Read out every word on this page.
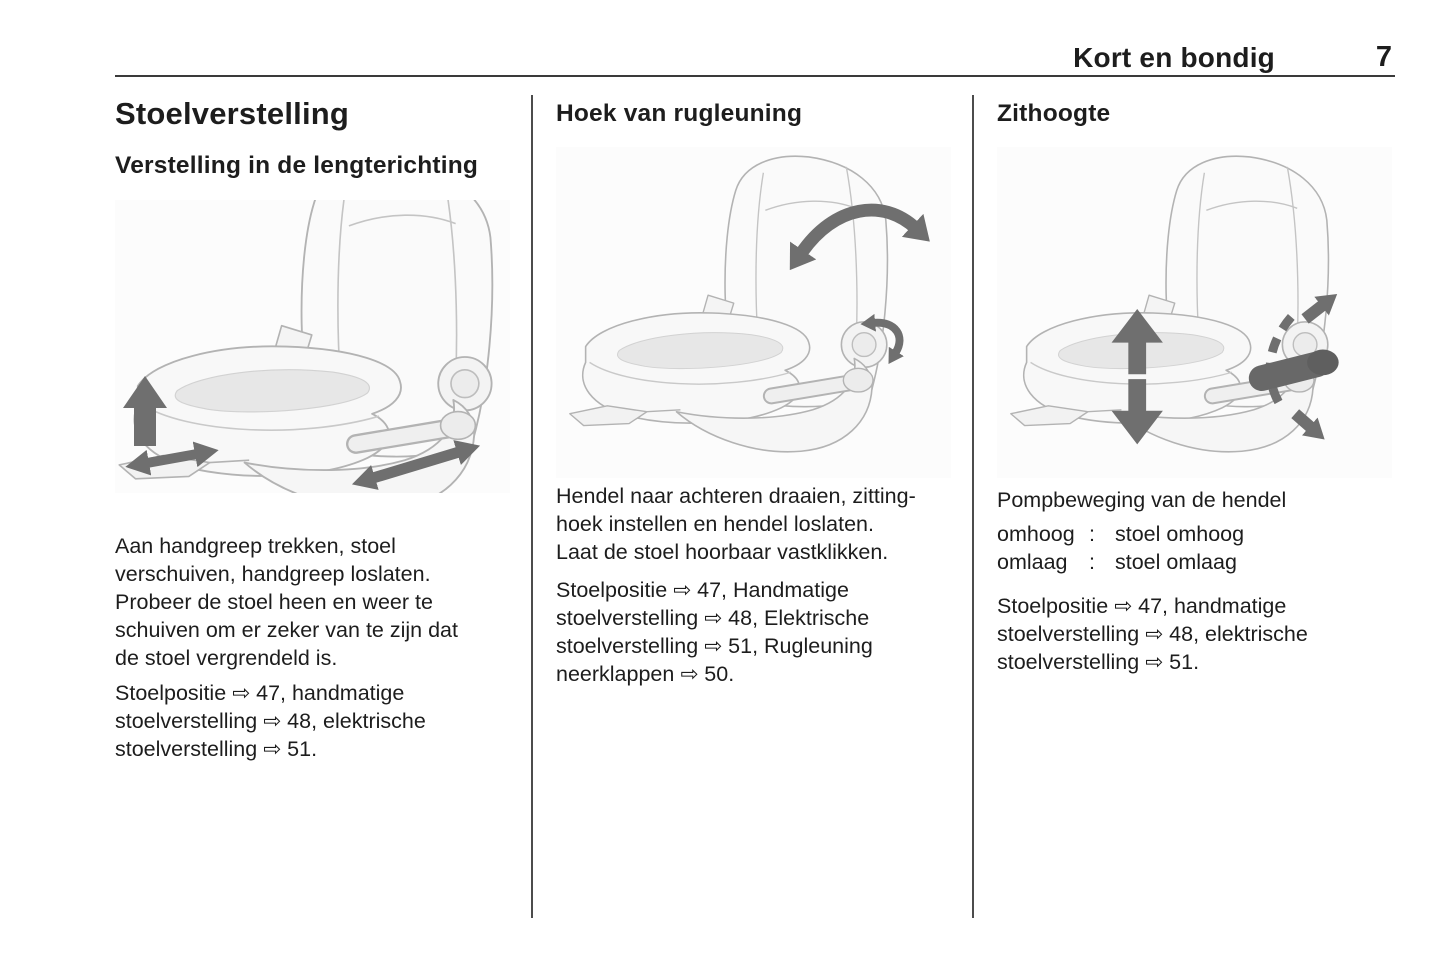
Kort en bondig	7
Stoelverstelling
Verstelling in de lengterichting

Aan handgreep trekken, stoel
verschuiven, handgreep loslaten.
Probeer de stoel heen en weer te
schuiven om er zeker van te zijn dat
de stoel vergrendeld is.

Stoelpositie ⇨ 47, handmatige
stoelverstelling ⇨ 48, elektrische
stoelverstelling ⇨ 51.

Hoek van rugleuning

Hendel naar achteren draaien, zitting-
hoek instellen en hendel loslaten.
Laat de stoel hoorbaar vastklikken.

Stoelpositie ⇨ 47, Handmatige
stoelverstelling ⇨ 48, Elektrische
stoelverstelling ⇨ 51, Rugleuning
neerklappen ⇨ 50.

Zithoogte

Pompbeweging van de hendel

omhoog : stoel omhoog
omlaag : stoel omlaag

Stoelpositie ⇨ 47, handmatige
stoelverstelling ⇨ 48, elektrische
stoelverstelling ⇨ 51.
